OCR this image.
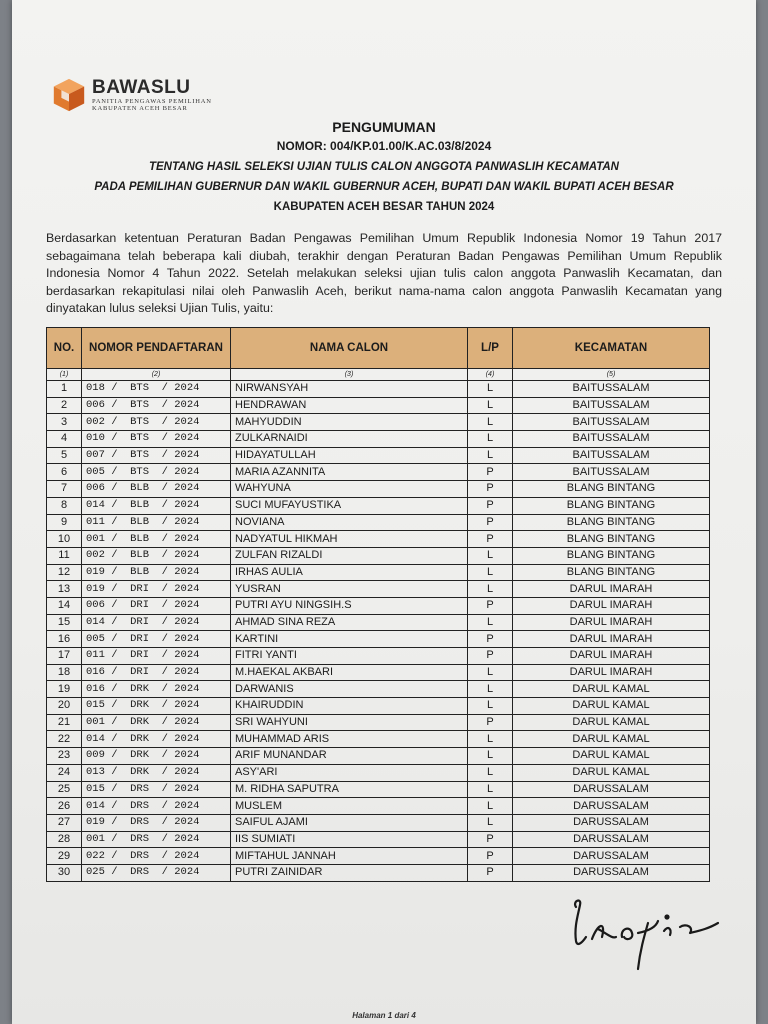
BAWASLU
PANITIA PENGAWAS PEMILIHAN
KABUPATEN ACEH BESAR
PENGUMUMAN
NOMOR: 004/KP.01.00/K.AC.03/8/2024
TENTANG HASIL SELEKSI UJIAN TULIS CALON ANGGOTA PANWASLIH KECAMATAN
PADA PEMILIHAN GUBERNUR DAN WAKIL GUBERNUR ACEH, BUPATI DAN WAKIL BUPATI ACEH BESAR
KABUPATEN ACEH BESAR TAHUN 2024
Berdasarkan ketentuan Peraturan Badan Pengawas Pemilihan Umum Republik Indonesia Nomor 19 Tahun 2017 sebagaimana telah beberapa kali diubah, terakhir dengan Peraturan Badan Pengawas Pemilihan Umum Republik Indonesia Nomor 4 Tahun 2022. Setelah melakukan seleksi ujian tulis calon anggota Panwaslih Kecamatan, dan berdasarkan rekapitulasi nilai oleh Panwaslih Aceh, berikut nama-nama calon anggota Panwaslih Kecamatan yang dinyatakan lulus seleksi Ujian Tulis, yaitu:
NO.	NOMOR PENDAFTARAN	NAMA CALON	L/P	KECAMATAN
(1)	(2)	(3)	(4)	(5)
1	018 /  BTS  / 2024	NIRWANSYAH	L	BAITUSSALAM
2	006 /  BTS  / 2024	HENDRAWAN	L	BAITUSSALAM
3	002 /  BTS  / 2024	MAHYUDDIN	L	BAITUSSALAM
4	010 /  BTS  / 2024	ZULKARNAIDI	L	BAITUSSALAM
5	007 /  BTS  / 2024	HIDAYATULLAH	L	BAITUSSALAM
6	005 /  BTS  / 2024	MARIA AZANNITA	P	BAITUSSALAM
7	006 /  BLB  / 2024	WAHYUNA	P	BLANG BINTANG
8	014 /  BLB  / 2024	SUCI MUFAYUSTIKA	P	BLANG BINTANG
9	011 /  BLB  / 2024	NOVIANA	P	BLANG BINTANG
10	001 /  BLB  / 2024	NADYATUL HIKMAH	P	BLANG BINTANG
11	002 /  BLB  / 2024	ZULFAN RIZALDI	L	BLANG BINTANG
12	019 /  BLB  / 2024	IRHAS AULIA	L	BLANG BINTANG
13	019 /  DRI  / 2024	YUSRAN	L	DARUL IMARAH
14	006 /  DRI  / 2024	PUTRI AYU NINGSIH.S	P	DARUL IMARAH
15	014 /  DRI  / 2024	AHMAD SINA REZA	L	DARUL IMARAH
16	005 /  DRI  / 2024	KARTINI	P	DARUL IMARAH
17	011 /  DRI  / 2024	FITRI YANTI	P	DARUL IMARAH
18	016 /  DRI  / 2024	M.HAEKAL AKBARI	L	DARUL IMARAH
19	016 /  DRK  / 2024	DARWANIS	L	DARUL KAMAL
20	015 /  DRK  / 2024	KHAIRUDDIN	L	DARUL KAMAL
21	001 /  DRK  / 2024	SRI WAHYUNI	P	DARUL KAMAL
22	014 /  DRK  / 2024	MUHAMMAD ARIS	L	DARUL KAMAL
23	009 /  DRK  / 2024	ARIF MUNANDAR	L	DARUL KAMAL
24	013 /  DRK  / 2024	ASY'ARI	L	DARUL KAMAL
25	015 /  DRS  / 2024	M. RIDHA SAPUTRA	L	DARUSSALAM
26	014 /  DRS  / 2024	MUSLEM	L	DARUSSALAM
27	019 /  DRS  / 2024	SAIFUL AJAMI	L	DARUSSALAM
28	001 /  DRS  / 2024	IIS SUMIATI	P	DARUSSALAM
29	022 /  DRS  / 2024	MIFTAHUL JANNAH	P	DARUSSALAM
30	025 /  DRS  / 2024	PUTRI ZAINIDAR	P	DARUSSALAM
Halaman 1 dari 4
